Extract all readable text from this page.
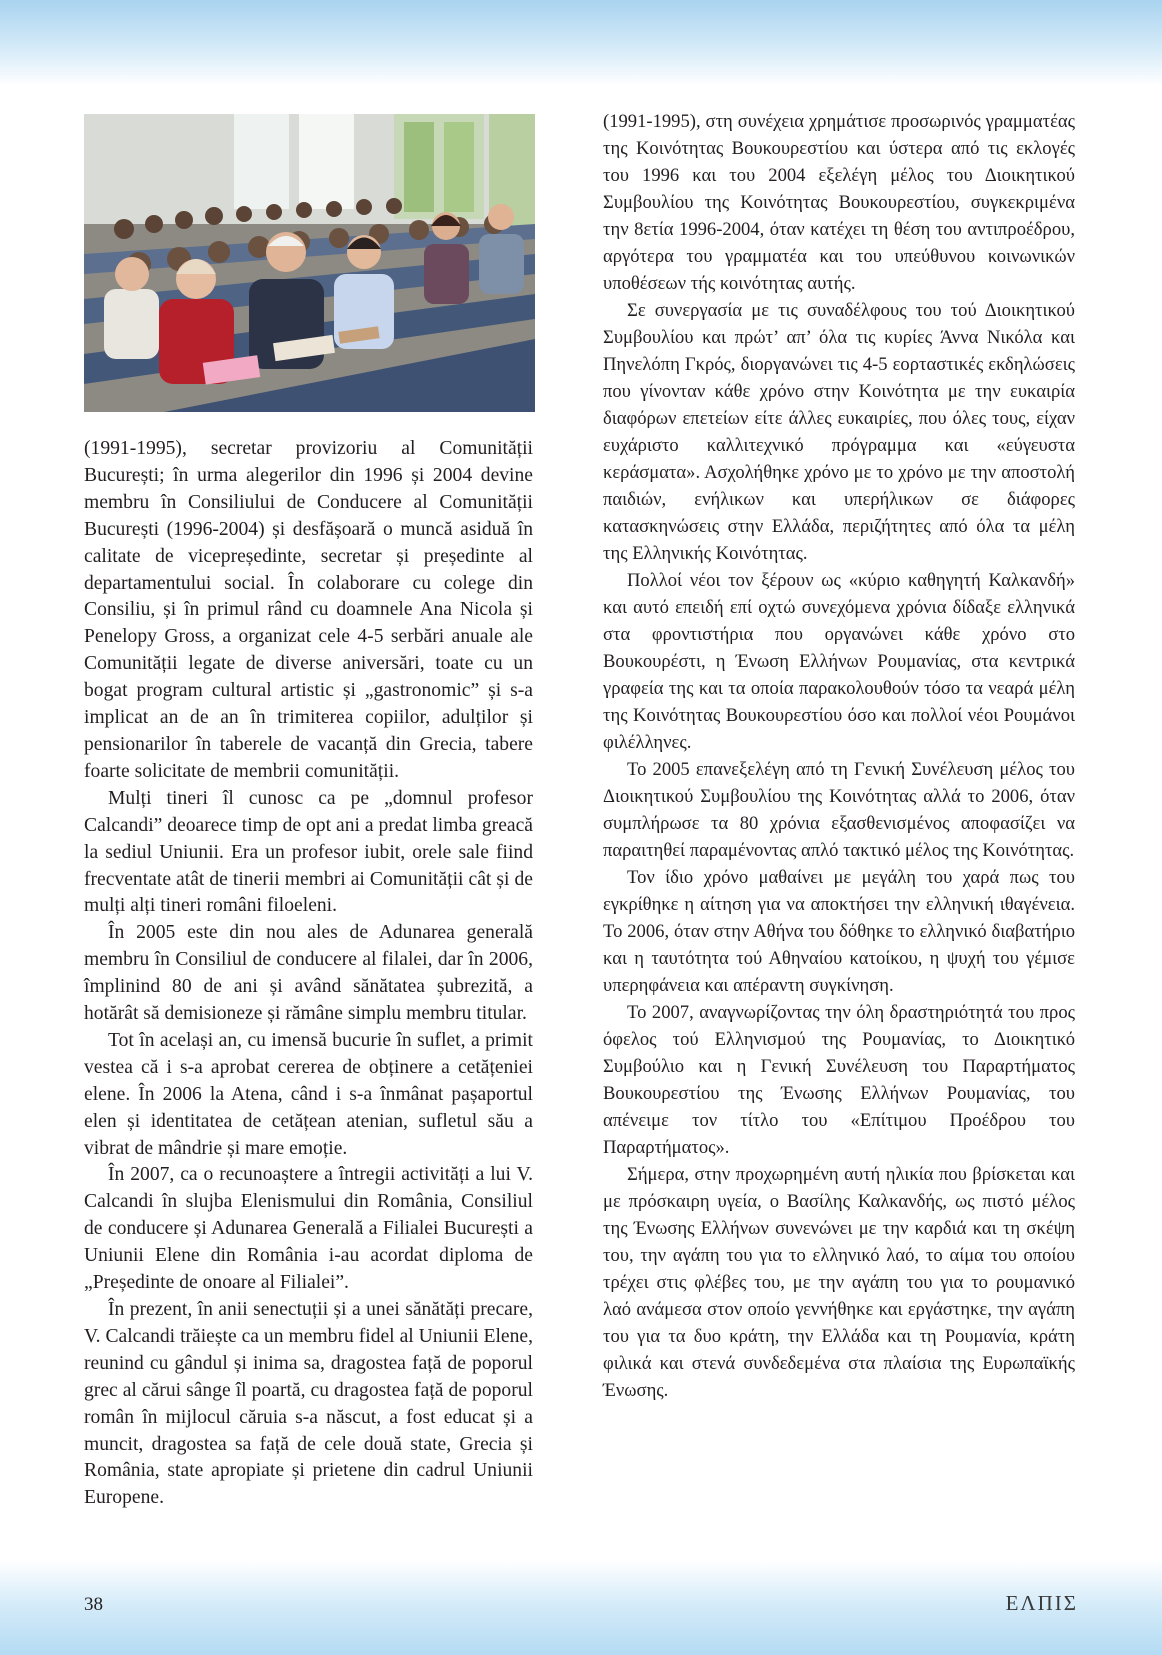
(1991-1995), secretar provizoriu al Comunității București; în urma alegerilor din 1996 și 2004 devine membru în Consiliului de Conducere al Comunității București (1996-2004) și desfășoară o muncă asiduă în calitate de vicepreședinte, secretar și președinte al departamentului social. În colaborare cu colege din Consiliu, și în primul rând cu doamnele Ana Nicola și Penelopy Gross, a organizat cele 4-5 serbări anuale ale Comunității legate de diverse aniversări, toate cu un bogat program cultural artistic și „gastronomic” și s-a implicat an de an în trimiterea copiilor, adulților și pensionarilor în taberele de vacanță din Grecia, tabere foarte solicitate de membrii comunității.

Mulți tineri îl cunosc ca pe „domnul profesor Calcandi” deoarece timp de opt ani a predat limba greacă la sediul Uniunii. Era un profesor iubit, orele sale fiind frecventate atât de tinerii membri ai Comunității cât și de mulți alți tineri români filoeleni.

În 2005 este din nou ales de Adunarea generală membru în Consiliul de conducere al filalei, dar în 2006, împlinind 80 de ani și având sănătatea șubrezită, a hotărât să demisioneze și rămâne simplu membru titular.

Tot în același an, cu imensă bucurie în suflet, a primit vestea că i s-a aprobat cererea de obținere a cetățeniei elene. În 2006 la Atena, când i s-a înmânat pașaportul elen și identitatea de cetățean atenian, sufletul său a vibrat de mândrie și mare emoție.

În 2007, ca o recunoaștere a întregii activități a lui V. Calcandi în slujba Elenismului din România, Consiliul de conducere și Adunarea Generală a Filialei București a Uniunii Elene din România i-au acordat diploma de „Președinte de onoare al Filialei”.

În prezent, în anii senectuții și a unei sănătăți precare, V. Calcandi trăiește ca un membru fidel al Uniunii Elene, reunind cu gândul și inima sa, dragostea față de poporul grec al cărui sânge îl poartă, cu dragostea față de poporul român în mijlocul căruia s-a născut, a fost educat și a muncit, dragostea sa față de cele două state, Grecia și România, state apropiate și prietene din cadrul Uniunii Europene.

(1991-1995), στη συνέχεια χρημάτισε προσωρινός γραμματέας της Κοινότητας Βουκουρεστίου και ύστερα από τις εκλογές του 1996 και του 2004 εξελέγη μέλος του Διοικητικού Συμβουλίου της Κοινότητας Βουκουρεστίου, συγκεκριμένα την 8ετία 1996-2004, όταν κατέχει τη θέση του αντιπροέδρου, αργότερα του γραμματέα και του υπεύθυνου κοινωνικών υποθέσεων τής κοινότητας αυτής.

Σε συνεργασία με τις συναδέλφους του τού Διοικητικού Συμβουλίου και πρώτ’ απ’ όλα τις κυρίες Άννα Νικόλα και Πηνελόπη Γκρός, διοργανώνει τις 4-5 εορταστικές εκδηλώσεις που γίνονταν κάθε χρόνο στην Κοινότητα με την ευκαιρία διαφόρων επετείων είτε άλλες ευκαιρίες, που όλες τους, είχαν ευχάριστο καλλιτεχνικό πρόγραμμα και «εύγευστα κεράσματα». Ασχολήθηκε χρόνο με το χρόνο με την αποστολή παιδιών, ενήλικων και υπερήλικων σε διάφορες κατασκηνώσεις στην Ελλάδα, περιζήτητες από όλα τα μέλη της Ελληνικής Κοινότητας.

Πολλοί νέοι τον ξέρουν ως «κύριο καθηγητή Καλκανδή» και αυτό επειδή επί οχτώ συνεχόμενα χρόνια δίδαξε ελληνικά στα φροντιστήρια που οργανώνει κάθε χρόνο στο Βουκουρέστι, η Ένωση Ελλήνων Ρουμανίας, στα κεντρικά γραφεία της και τα οποία παρακολουθούν τόσο τα νεαρά μέλη της Κοινότητας Βουκουρεστίου όσο και πολλοί νέοι Ρουμάνοι φιλέλληνες.

Το 2005 επανεξελέγη από τη Γενική Συνέλευση μέλος του Διοικητικού Συμβουλίου της Κοινότητας αλλά το 2006, όταν συμπλήρωσε τα 80 χρόνια εξασθενισμένος αποφασίζει να παραιτηθεί παραμένοντας απλό τακτικό μέλος της Κοινότητας.

Τον ίδιο χρόνο μαθαίνει με μεγάλη του χαρά πως του εγκρίθηκε η αίτηση για να αποκτήσει την ελληνική ιθαγένεια. Το 2006, όταν στην Αθήνα του δόθηκε το ελληνικό διαβατήριο και η ταυτότητα τού Αθηναίου κατοίκου, η ψυχή του γέμισε υπερηφάνεια και απέραντη συγκίνηση.

Το 2007, αναγνωρίζοντας την όλη δραστηριότητά του προς όφελος τού Ελληνισμού της Ρουμανίας, το Διοικητικό Συμβούλιο και η Γενική Συνέλευση του Παραρτήματος Βουκουρεστίου της Ένωσης Ελλήνων Ρουμανίας, του απένειμε τον τίτλο του «Επίτιμου Προέδρου του Παραρτήματος».

Σήμερα, στην προχωρημένη αυτή ηλικία που βρίσκεται και με πρόσκαιρη υγεία, ο Βασίλης Καλκανδής, ως πιστό μέλος της Ένωσης Ελλήνων συνενώνει με την καρδιά και τη σκέψη του, την αγάπη του για το ελληνικό λαό, το αίμα του οποίου τρέχει στις φλέβες του, με την αγάπη του για το ρουμανικό λαό ανάμεσα στον οποίο γεννήθηκε και εργάστηκε, την αγάπη του για τα δυο κράτη, την Ελλάδα και τη Ρουμανία, κράτη φιλικά και στενά συνδεδεμένα στα πλαίσια της Ευρωπαϊκής Ένωσης.

38	ΕΛΠΙΣ
